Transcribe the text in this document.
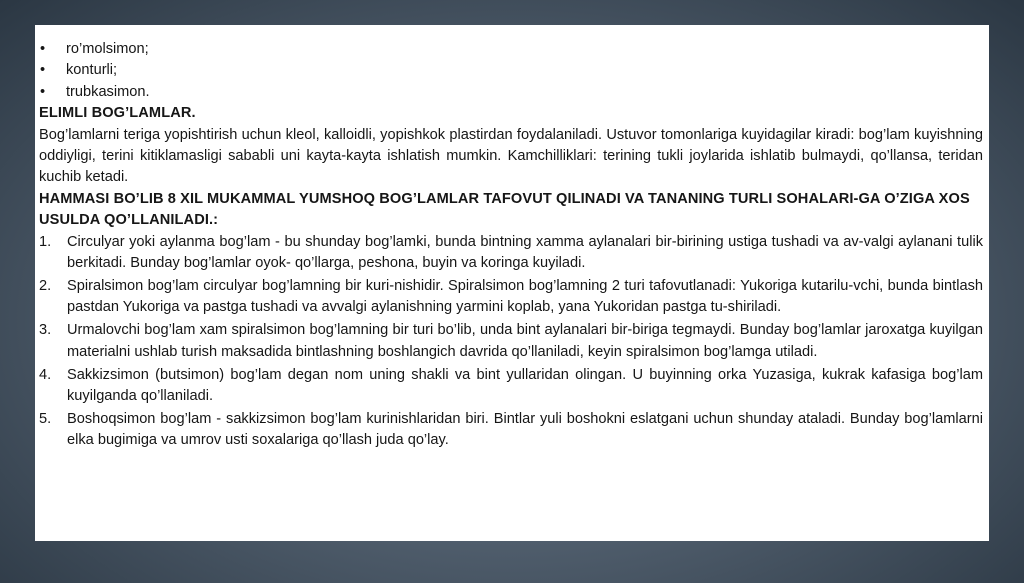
• ro’molsimon;
• konturli;
• trubkasimon.
ELIMLI BOG’LAMLAR.
Bog’lamlarni teriga yopishtirish uchun kleol, kalloidli, yopishkok plastirdan foydalaniladi. Ustuvor tomonlariga kuyidagilar kiradi: bog’lam kuyishning oddiyligi, terini kitiklamasligi sababli uni kayta-kayta ishlatish mumkin. Kamchilliklari: terining tukli joylarida ishlatib bulmaydi, qo’llansa, teridan kuchib ketadi.
HAMMASI BO’LIB 8 XIL MUKAMMAL YUMSHOQ BOG’LAMLAR TAFOVUT QILINADI VA TANANING TURLI SOHALARI-GA O’ZIGA XOS USULDA QO’LLANILADI.:
1. Circulyar yoki aylanma bog’lam - bu shunday bog’lamki, bunda bintning xamma aylanalari bir-birining ustiga tushadi va av-valgi aylanani tulik berkitadi. Bunday bog’lamlar oyok- qo’llarga, peshona, buyin va koringa kuyiladi.
2. Spiralsimon bog’lam circulyar bog’lamning bir kuri-nishidir. Spiralsimon bog’lamning 2 turi tafovutlanadi: Yukoriga kutarilu-vchi, bunda bintlash pastdan Yukoriga va pastga tushadi va avvalgi aylanishning yarmini koplab, yana Yukoridan pastga tu-shiriladi.
3. Urmalovchi bog’lam xam spiralsimon bog’lamning bir turi bo’lib, unda bint aylanalari bir-biriga tegmaydi. Bunday bog’lamlar jaroxatga kuyilgan materialni ushlab turish maksadida bintlashning boshlangich davrida qo’llaniladi, keyin spiralsimon bog’lamga utiladi.
4. Sakkizsimon (butsimon) bog’lam degan nom uning shakli va bint yullaridan olingan. U buyinning orka Yuzasiga, kukrak kafasiga bog’lam kuyilganda qo’llaniladi.
5. Boshoqsimon bog’lam - sakkizsimon bog’lam kurinishlaridan biri. Bintlar yuli boshokni eslatgani uchun shunday ataladi. Bunday bog’lamlarni elka bugimiga va umrov usti soxalariga qo’llash juda qo’lay.
